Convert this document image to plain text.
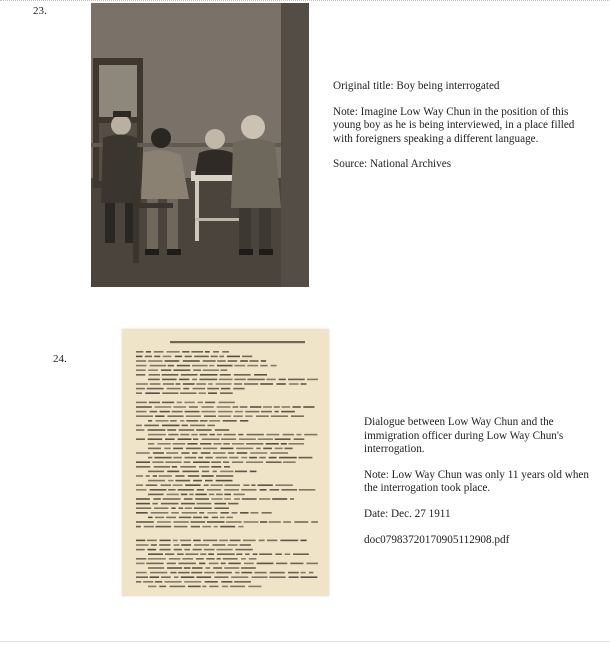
23.

Original title: Boy being interrogated

Note: Imagine Low Way Chun in the position of this young boy as he is being interviewed, in a place filled with foreigners speaking a different language.

Source: National Archives

24.

Dialogue between Low Way Chun and the immigration officer during Low Way Chun's interrogation.

Note: Low Way Chun was only 11 years old when the interrogation took place.

Date: Dec. 27 1911

doc07983720170905112908.pdf
